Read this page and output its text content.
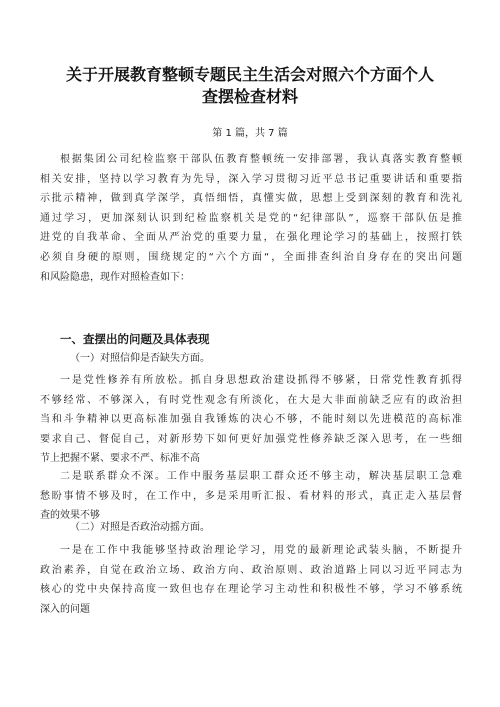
关于开展教育整顿专题民主生活会对照六个方面个人
查摆检查材料
第 1 篇，共 7 篇
根据集团公司纪检监察干部队伍教育整顿统一安排部署，我认真落实教育整顿
相关安排，坚持以学习教育为先导，深入学习贯彻习近平总书记重要讲话和重要指
示批示精神，做到真学深学，真悟细悟，真懂实做，思想上受到深刻的教育和洗礼
通过学习，更加深刻认识到纪检监察机关是党的“纪律部队”，巡察干部队伍是推
进党的自我革命、全面从严治党的重要力量，在强化理论学习的基础上，按照打铁
必须自身硬的原则，围绕规定的“六个方面“，全面排查纠治自身存在的突出问题
和风险隐患，现作对照检查如下：
一、查摆出的问题及具体表现
（一）对照信仰是否缺失方面。
一是党性修养有所放松。抓自身思想政治建设抓得不够紧，日常党性教育抓得
不够经常、不够深入，有时党性观念有所淡化，在大是大非面前缺乏应有的政治担
当和斗争精神以更高标准加强自我锤炼的决心不够，不能时刻以先进模范的高标准
要求自己、督促自己，对新形势下如何更好加强党性修养缺乏深入思考，在一些细
节上把握不紧、要求不严、标准不高
二是联系群众不深。工作中服务基层职工群众还不够主动，解决基层职工急难
愁盼事情不够及时，在工作中，多是采用听汇报、看材料的形式，真正走入基层督
查的效果不够
（二）对照是否政治动摇方面。
一是在工作中我能够坚持政治理论学习，用党的最新理论武装头脑，不断提升
政治素养，自觉在政治立场、政治方向、政治原则、政治道路上同以习近平同志为
核心的党中央保持高度一致但也存在理论学习主动性和积极性不够，学习不够系统
深入的问题
